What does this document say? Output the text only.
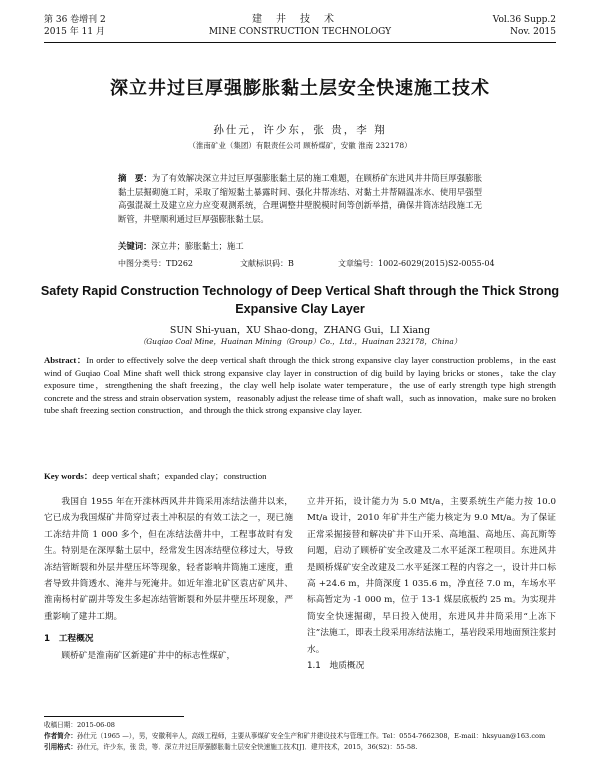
第 36 卷增刊 2
2015 年 11 月
建井技术
MINE CONSTRUCTION TECHNOLOGY
Vol.36 Supp.2
Nov. 2015
深立井过巨厚强膨胀黏土层安全快速施工技术
孙仕元，许少东，张 贵，李 翔
（淮南矿业（集团）有限责任公司 顾桥煤矿，安徽 淮南 232178）
摘　要：为了有效解决深立井过巨厚强膨胀黏土层的施工难题，在顾桥矿东进风井井筒巨厚强膨胀黏土层掘砌施工时，采取了缩短黏土暴露时间、强化井帮冻结、对黏土井帮隔温冻水、使用早强型高强混凝土及建立应力应变观测系统，合理调整井壁脱模时间等创新举措，确保井筒冻结段施工无断管，井壁顺利通过巨厚强膨胀黏土层。
关键词：深立井；膨胀黏土；施工
中图分类号：TD262	文献标识码：B	文章编号：1002-6029(2015)S2-0055-04
Safety Rapid Construction Technology of Deep Vertical Shaft through the Thick Strong Expansive Clay Layer
SUN Shi-yuan，XU Shao-dong，ZHANG Gui，LI Xiang
（Guqiao Coal Mine，Huainan Mining（Group）Co.，Ltd.，Huainan 232178，China）
Abstract：In order to effectively solve the deep vertical shaft through the thick strong expansive clay layer construction problems，in the east wind of Guqiao Coal Mine shaft well thick strong expansive clay layer in construction of dig build by laying bricks or stones，take the clay exposure time，strengthening the shaft freezing，the clay well help isolate water temperature，the use of early strength type high strength concrete and the stress and strain observation system，reasonably adjust the release time of shaft wall，such as innovation，make sure no broken tube shaft freezing section construction，and through the thick strong expansive clay layer.
Key words：deep vertical shaft；expanded clay；construction

我国自 1955 年在开滦林西风井井筒采用冻结法凿井以来，它已成为我国煤矿井筒穿过表土冲积层的有效工法之一，现已施工冻结井筒 1 000 多个，但在冻结法凿井中，工程事故时有发生。特别是在深厚黏土层中，经常发生因冻结壁位移过大，导致冻结管断裂和外层井壁压坏等现象，轻者影响井筒施工速度，重者导致井筒透水、淹井与死淹井。如近年淮北矿区袁店矿风井、淮南杨村矿副井等发生多起冻结管断裂和外层井壁压坏现象，严重影响了建井工期。

1　工程概况

顾桥矿是淮南矿区新建矿井中的标志性煤矿，

立井开拓，设计能力为 5.0 Mt/a，主要系统生产能力按 10.0 Mt/a 设计，2010 年矿井生产能力核定为 9.0 Mt/a。为了保证正常采掘接替和解决矿井下山开采、高地温、高地压、高瓦斯等问题，启动了顾桥矿安全改建及二水平延深工程项目。东进风井是顾桥煤矿安全改建及二水平延深工程的内容之一，设计井口标高 +24.6 m，井筒深度 1 035.6 m，净直径 7.0 m，车场水平标高暂定为 -1 000 m，位于 13-1 煤层底板约 25 m。为实现井筒安全快速掘砌，早日投入使用，东进风井井筒采用“上冻下注”法施工，即表土段采用冻结法施工，基岩段采用地面预注浆封水。

1.1　地质概况
收稿日期：2015-06-08
作者简介：孙仕元（1965 —），男，安徽利辛人，高级工程师，主要从事煤矿安全生产和矿井建设技术与管理工作。Tel：0554-7662308，E-mail：hksyuan@163.com
引用格式：孙仕元，许少东，张 贵，等．深立井过巨厚强膨胀黏土层安全快速施工技术[J]．建井技术，2015，36(S2)：55-58.
